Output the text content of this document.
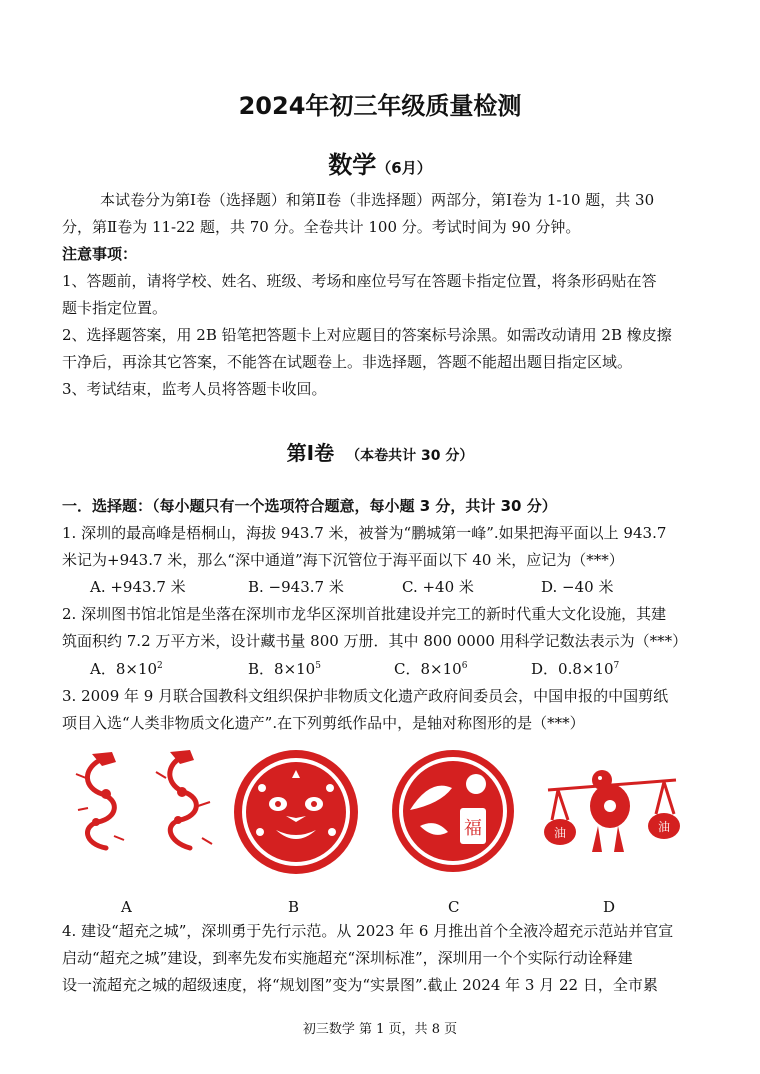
2024年初三年级质量检测
数学（6月）
本试卷分为第Ⅰ卷（选择题）和第Ⅱ卷（非选择题）两部分，第Ⅰ卷为 1-10 题，共 30
分，第Ⅱ卷为 11-22 题，共 70 分。全卷共计 100 分。考试时间为 90 分钟。
注意事项：
1、答题前，请将学校、姓名、班级、考场和座位号写在答题卡指定位置，将条形码贴在答
题卡指定位置。
2、选择题答案，用 2B 铅笔把答题卡上对应题目的答案标号涂黑。如需改动请用 2B 橡皮擦
干净后，再涂其它答案，不能答在试题卷上。非选择题，答题不能超出题目指定区域。
3、考试结束，监考人员将答题卡收回。
第Ⅰ卷 （本卷共计 30 分）
一．选择题：（每小题只有一个选项符合题意，每小题 3 分，共计 30 分）
1. 深圳的最高峰是梧桐山，海拔 943.7 米，被誉为“鹏城第一峰”.如果把海平面以上 943.7
米记为+943.7 米，那么“深中通道”海下沉管位于海平面以下 40 米，应记为（***）
A. +943.7 米	B. −943.7 米	C. +40 米	D. −40 米
2. 深圳图书馆北馆是坐落在深圳市龙华区深圳首批建设并完工的新时代重大文化设施，其建
筑面积约 7.2 万平方米，设计藏书量 800 万册．其中 800 0000 用科学记数法表示为（***）
A．$8\times 10^2$	B．$8\times 10^5$	C．$8\times 10^6$	D．$0.8\times 10^7$
3. 2009 年 9 月联合国教科文组织保护非物质文化遗产政府间委员会，中国申报的中国剪纸
项目入选“人类非物质文化遗产”.在下列剪纸作品中，是轴对称图形的是（***）
福	油	油
A	B	C	D
4. 建设“超充之城”，深圳勇于先行示范。从 2023 年 6 月推出首个全液冷超充示范站并官宣
启动“超充之城”建设，到率先发布实施超充“深圳标准”，深圳用一个个实际行动诠释建
设一流超充之城的超级速度，将“规划图”变为“实景图”.截止 2024 年 3 月 22 日，全市累
初三数学 第 1 页，共 8 页
